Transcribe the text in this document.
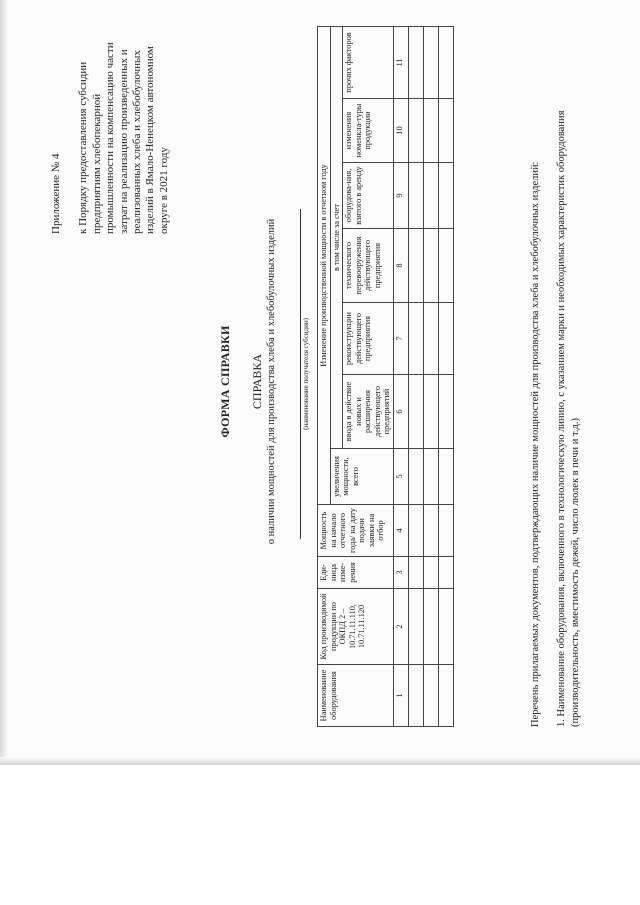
Приложение № 4 к Порядку предоставления субсидии предприятиям хлебопекарной промышленности на компенсацию части затрат на реализацию произведенных и реализованных хлеба и хлебобулочных изделий в Ямало-Ненецком автономном округе в 2021 году
ФОРМА СПРАВКИ СПРАВКА о наличии мощностей для производства хлеба и хлебобулочных изделий	(наименование получателя субсидии)
Наименование оборудования	Код производимой продукции по ОКПД 2 – 10.71.11.110, 10.71.11.120	Еди-ница изме-рения	Мощность на начало отчетного года/ на дату подачи заявки на отбор	Изменение производственной мощности в отчетном году						
				увеличения мощности, всего	в том числе за счет					
					ввода в действие новых и расширения действующего предприятий	реконструкции действующего предприятия	технического перевооружения действующего предприятия	оборудова-ния, взятого в аренду	изменения номенкла-туры продукции	прочих факторов
1	2	3	4	5	6	7	8	9	10	11

Перечень прилагаемых документов, подтверждающих наличие мощностей для производства хлеба и хлебобулочных изделий: 1. Наименование оборудования, включенного в технологическую линию, с указанием марки и необходимых характеристик оборудования (производительность, вместимость дежей, число люлек в печи и т.д.)
